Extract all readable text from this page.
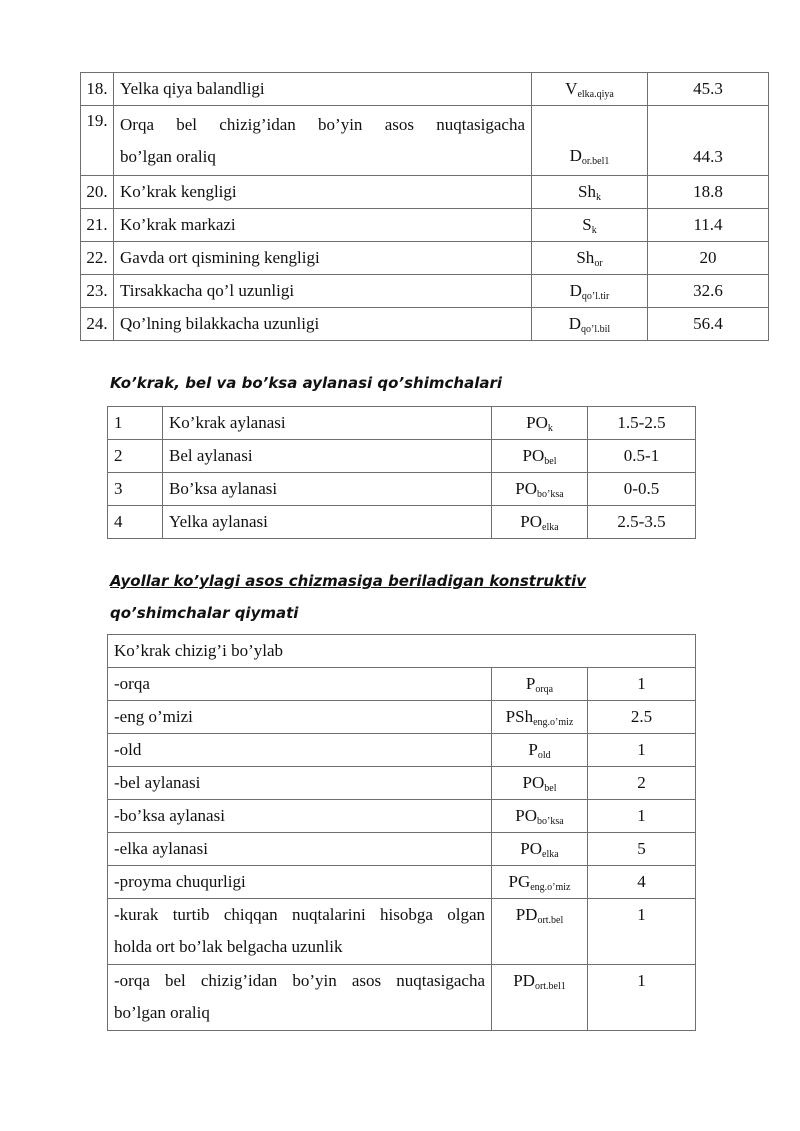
18.	Yelka qiya balandligi	$V_{elka.qiya}$	45.3
19.	Orqa bel chizig’idan bo’yin asos nuqtasigacha
bo’lgan oraliq	$D_{or.bel1}$	44.3
20.	Ko’krak kengligi	$Sh_k$	18.8
21.	Ko’krak markazi	$S_k$	11.4
22.	Gavda ort qismining kengligi	$Sh_{or}$	20
23.	Tirsakkacha qo’l uzunligi	$D_{qo’l.tir}$	32.6
24.	Qo’lning bilakkacha uzunligi	$D_{qo’l.bil}$	56.4

Ko’krak, bel va bo’ksa aylanasi qo’shimchalari

1	Ko’krak aylanasi	$PO_k$	1.5-2.5
2	Bel aylanasi	$PO_{bel}$	0.5-1
3	Bo’ksa aylanasi	$PO_{bo’ksa}$	0-0.5
4	Yelka aylanasi	$PO_{elka}$	2.5-3.5

Ayollar ko’ylagi asos chizmasiga beriladigan konstruktiv

qo’shimchalar qiymati

Ko’krak chizig’i bo’ylab		
-orqa	$P_{orqa}$	1
-eng o’mizi	PSh$_{eng.o’miz}$	2.5
-old	$P_{old}$	1
-bel aylanasi	$PO_{bel}$	2
-bo’ksa aylanasi	$PO_{bo’ksa}$	1
-elka aylanasi	$PO_{elka}$	5
-proyma chuqurligi	$PG_{eng.o’miz}$	4

-kurak turtib chiqqan nuqtalarini hisobga olgan
holda ort bo’lak belgacha uzunlik	$PD_{ort.bel}$	1

-orqa bel chizig’idan bo’yin asos nuqtasigacha
bo’lgan oraliq	$PD_{ort.bel1}$	1
